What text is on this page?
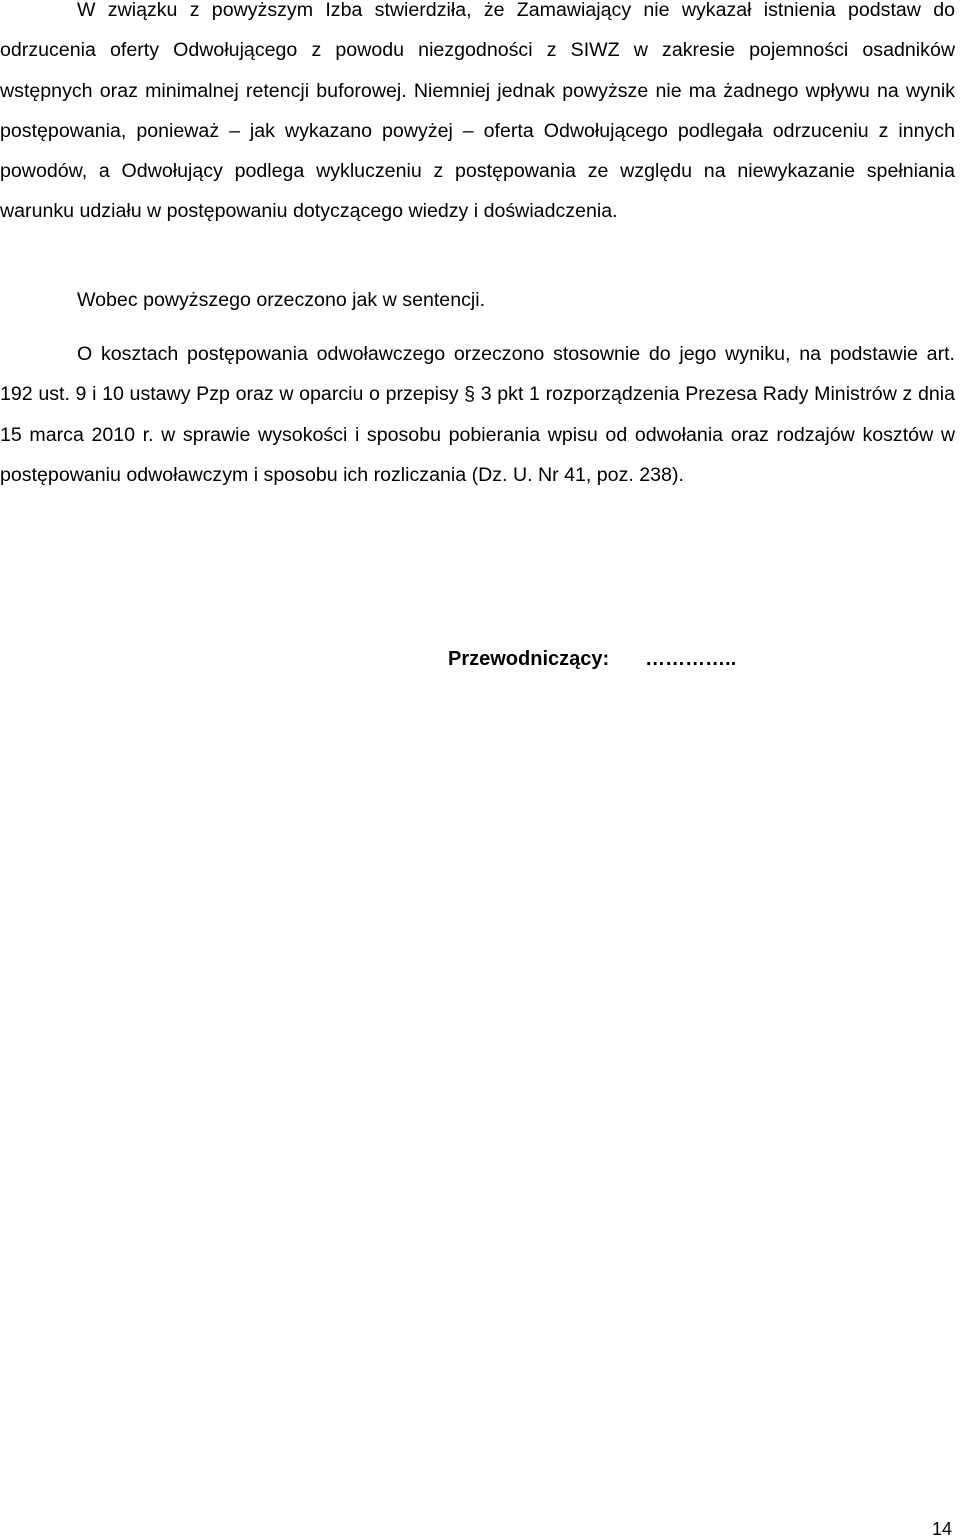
W związku z powyższym Izba stwierdziła, że Zamawiający nie wykazał istnienia podstaw do odrzucenia oferty Odwołującego z powodu niezgodności z SIWZ w zakresie pojemności osadników wstępnych oraz minimalnej retencji buforowej. Niemniej jednak powyższe nie ma żadnego wpływu na wynik postępowania, ponieważ – jak wykazano powyżej – oferta Odwołującego podlegała odrzuceniu z innych powodów, a Odwołujący podlega wykluczeniu z postępowania ze względu na niewykazanie spełniania warunku udziału w postępowaniu dotyczącego wiedzy i doświadczenia.

Wobec powyższego orzeczono jak w sentencji.

O kosztach postępowania odwoławczego orzeczono stosownie do jego wyniku, na podstawie art. 192 ust. 9 i 10 ustawy Pzp oraz w oparciu o przepisy § 3 pkt 1 rozporządzenia Prezesa Rady Ministrów z dnia 15 marca 2010 r. w sprawie wysokości i sposobu pobierania wpisu od odwołania oraz rodzajów kosztów w postępowaniu odwoławczym i sposobu ich rozliczania (Dz. U. Nr 41, poz. 238).

Przewodniczący: …………..
14
